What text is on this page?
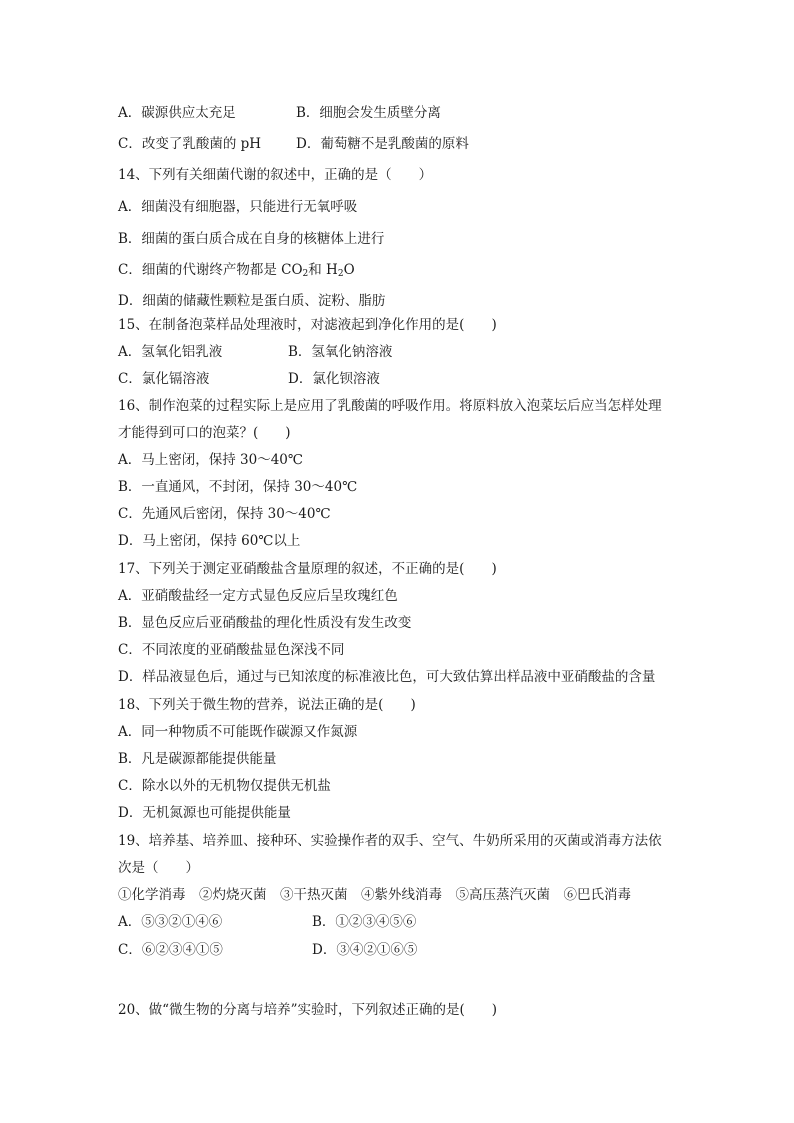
A．碳源供应太充足	B．细胞会发生质壁分离
C．改变了乳酸菌的 pH	D．葡萄糖不是乳酸菌的原料
14、下列有关细菌代谢的叙述中，正确的是（　　）
A．细菌没有细胞器，只能进行无氧呼吸
B．细菌的蛋白质合成在自身的核糖体上进行
C．细菌的代谢终产物都是 $CO_2$和 $H_2O$
D．细菌的储藏性颗粒是蛋白质、淀粉、脂肪
15、在制备泡菜样品处理液时，对滤液起到净化作用的是(　　)
A．氢氧化铝乳液	B．氢氧化钠溶液
C．氯化镉溶液	D．氯化钡溶液
16、制作泡菜的过程实际上是应用了乳酸菌的呼吸作用。将原料放入泡菜坛后应当怎样处理
才能得到可口的泡菜？(　　)
A．马上密闭，保持 30～40℃
B．一直通风，不封闭，保持 30～40℃
C．先通风后密闭，保持 30～40℃
D．马上密闭，保持 60℃以上
17、下列关于测定亚硝酸盐含量原理的叙述，不正确的是(　　)
A．亚硝酸盐经一定方式显色反应后呈玫瑰红色
B．显色反应后亚硝酸盐的理化性质没有发生改变
C．不同浓度的亚硝酸盐显色深浅不同
D．样品液显色后，通过与已知浓度的标准液比色，可大致估算出样品液中亚硝酸盐的含量
18、下列关于微生物的营养，说法正确的是(　　)
A．同一种物质不可能既作碳源又作氮源
B．凡是碳源都能提供能量
C．除水以外的无机物仅提供无机盐
D．无机氮源也可能提供能量
19、培养基、培养皿、接种环、实验操作者的双手、空气、牛奶所采用的灭菌或消毒方法依
次是（　　）
①化学消毒　②灼烧灭菌　③干热灭菌　④紫外线消毒　⑤高压蒸汽灭菌　⑥巴氏消毒
A．⑤③②①④⑥	B．①②③④⑤⑥
C．⑥②③④①⑤	D．③④②①⑥⑤
20、做“微生物的分离与培养”实验时，下列叙述正确的是(　　)
